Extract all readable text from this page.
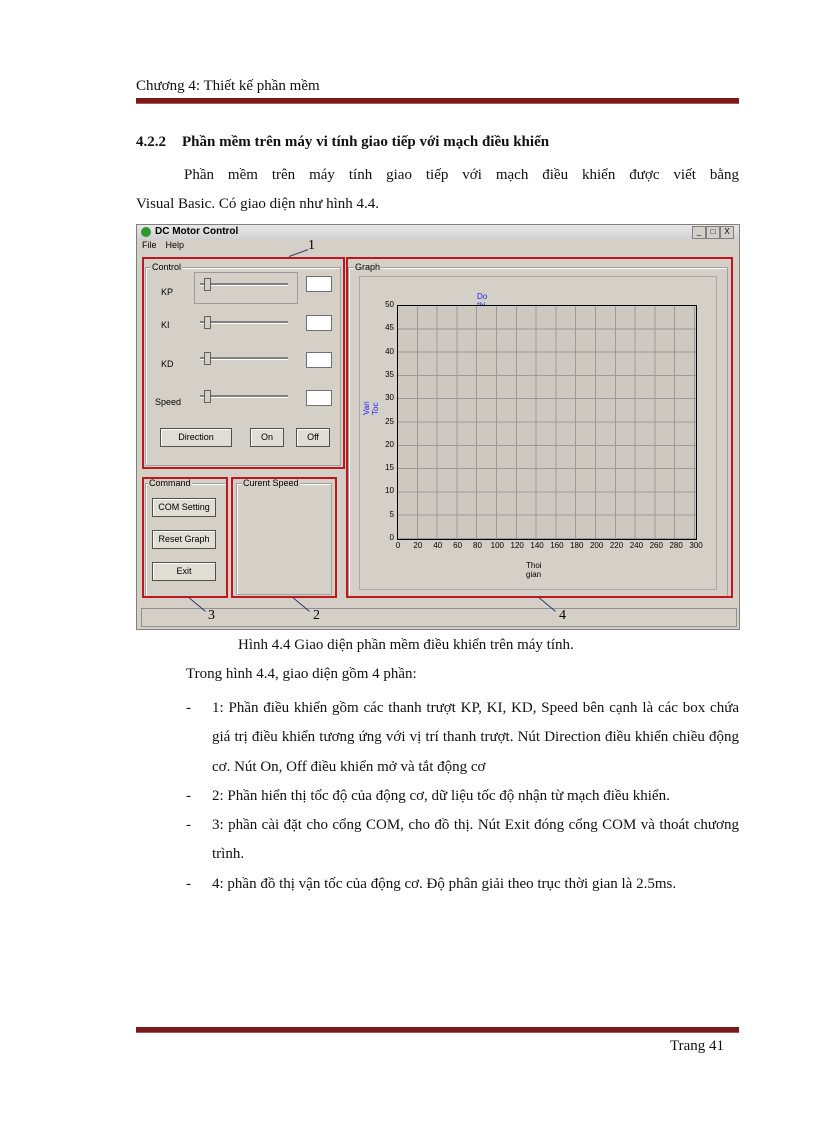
Chương 4: Thiết kế phần mềm
4.2.2 Phần mềm trên máy vi tính giao tiếp với mạch điều khiển
Phần mềm trên máy tính giao tiếp với mạch điều khiển được viết bằng
Visual Basic. Có giao diện như hình 4.4.
DC Motor Control	_	□	X
File Help
Control
KP
KI
KD
Speed
Direction	On	Off
Command
COM Setting
Reset Graph
Exit
Curent Speed
Graph
Do
Van Toc
Thoi gian
0
5
10
15
20
25
30
35
40
45
50
0	20	40	60	80	100 120 140 160 180 200 220 240 260 280 300
1
2
3	4
Hình 4.4 Giao diện phần mềm điều khiển trên máy tính.
Trong hình 4.4, giao diện gồm 4 phần:
- 1: Phần điều khiển gồm các thanh trượt KP, KI, KD, Speed bên cạnh là các box chứa giá trị điều khiển tương ứng với vị trí thanh trượt. Nút Direction điều khiển chiều động cơ. Nút On, Off điều khiển mở và tắt động cơ
- 2: Phần hiển thị tốc độ của động cơ, dữ liệu tốc độ nhận từ mạch điều khiển.
- 3: phần cài đặt cho cổng COM, cho đồ thị. Nút Exit đóng cổng COM và thoát chương trình.
- 4: phần đồ thị vận tốc của động cơ. Độ phân giải theo trục thời gian là 2.5ms.
Trang 41
